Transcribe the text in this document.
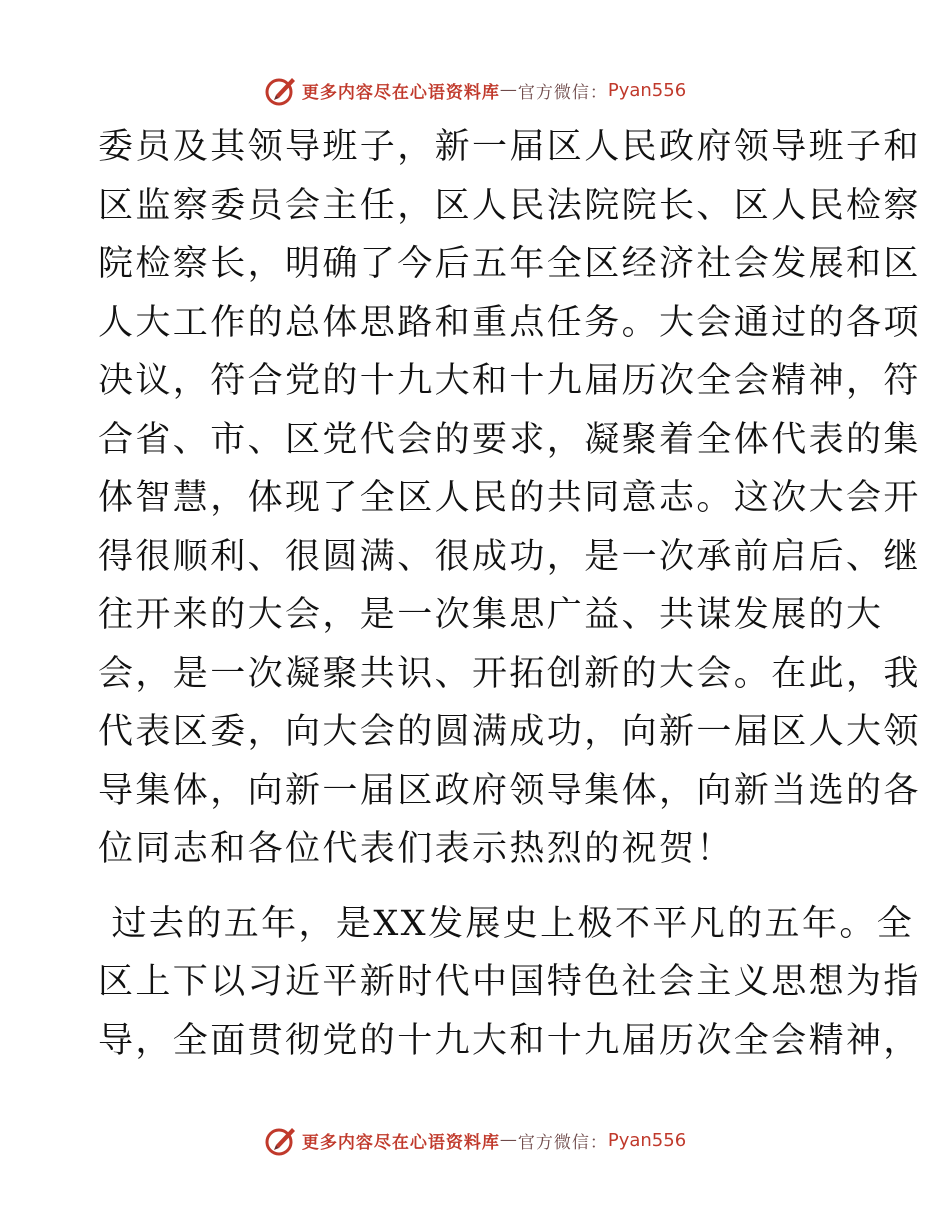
更多内容尽在心语资料库 — 官方微信： Pyan556
委员及其领导班子，新一届区人民政府领导班子和
区监察委员会主任，区人民法院院长、区人民检察
院检察长，明确了今后五年全区经济社会发展和区
人大工作的总体思路和重点任务。大会通过的各项
决议，符合党的十九大和十九届历次全会精神，符
合省、市、区党代会的要求，凝聚着全体代表的集
体智慧，体现了全区人民的共同意志。这次大会开
得很顺利、很圆满、很成功，是一次承前启后、继
往开来的大会，是一次集思广益、共谋发展的大
会，是一次凝聚共识、开拓创新的大会。在此，我
代表区委，向大会的圆满成功，向新一届区人大领
导集体，向新一届区政府领导集体，向新当选的各
位同志和各位代表们表示热烈的祝贺！
过去的五年，是XX发展史上极不平凡的五年。全
区上下以习近平新时代中国特色社会主义思想为指
导，全面贯彻党的十九大和十九届历次全会精神，
更多内容尽在心语资料库 — 官方微信： Pyan556
